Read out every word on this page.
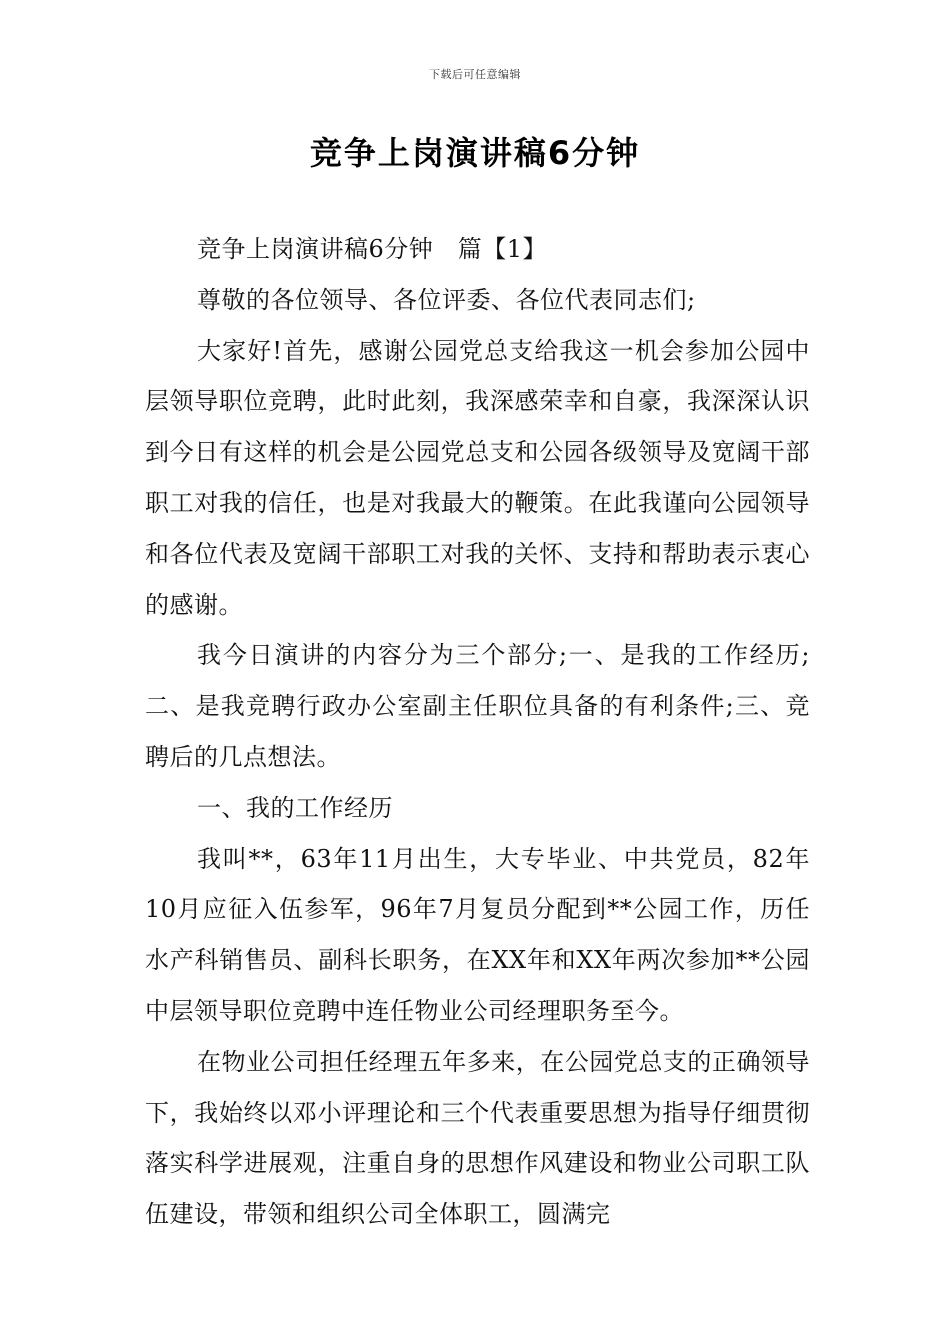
下载后可任意编辑
竞争上岗演讲稿6分钟

竞争上岗演讲稿6分钟　篇【1】

尊敬的各位领导、各位评委、各位代表同志们;

大家好!首先，感谢公园党总支给我这一机会参加公园中层领导职位竞聘，此时此刻，我深感荣幸和自豪，我深深认识到今日有这样的机会是公园党总支和公园各级领导及宽阔干部职工对我的信任，也是对我最大的鞭策。在此我谨向公园领导和各位代表及宽阔干部职工对我的关怀、支持和帮助表示衷心的感谢。

我今日演讲的内容分为三个部分;一、是我的工作经历;二、是我竞聘行政办公室副主任职位具备的有利条件;三、竞聘后的几点想法。

一、我的工作经历

我叫**，63年11月出生，大专毕业、中共党员，82年10月应征入伍参军，96年7月复员分配到**公园工作，历任水产科销售员、副科长职务，在XX年和XX年两次参加**公园中层领导职位竞聘中连任物业公司经理职务至今。

在物业公司担任经理五年多来，在公园党总支的正确领导下，我始终以邓小评理论和三个代表重要思想为指导仔细贯彻落实科学进展观，注重自身的思想作风建设和物业公司职工队伍建设，带领和组织公司全体职工，圆满完
